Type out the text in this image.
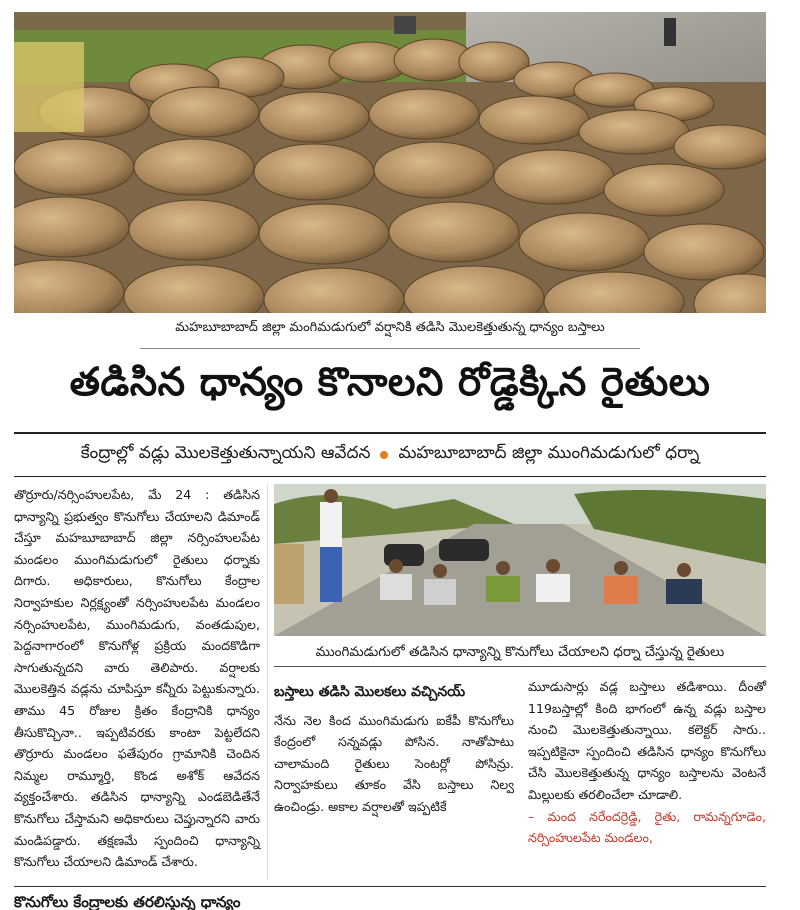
మహబూబాబాద్ జిల్లా మంగిమడుగులో వర్షానికి తడిసి మొలకెత్తుతున్న ధాన్యం బస్తాలు
తడిసిన ధాన్యం కొనాలని రోడ్డెక్కిన రైతులు
కేంద్రాల్లో వడ్లు మొలకెత్తుతున్నాయని ఆవేదన మహబూబాబాద్ జిల్లా ముంగిమడుగులో ధర్నా
తొర్రూరు/నర్సింహులపేట, మే 24 : తడిసిన ధాన్యాన్ని ప్రభుత్వం కొనుగోలు చేయాలని డిమాండ్ చేస్తూ మహబూబాబాద్ జిల్లా నర్సింహులపేట మండలం ముంగిమడుగులో రైతులు ధర్నాకు దిగారు. అధికారులు, కొనుగోలు కేంద్రాల నిర్వాహకుల నిర్లక్ష్యంతో నర్సింహులపేట మండలం నర్సింహులపేట, ముంగిమడుగు, వంతడుపుల, పెద్దనాగారంలో కొనుగోళ్ల ప్రక్రియ మందకొడిగా సాగుతున్నదని వారు తెలిపారు. వర్షాలకు మొలకెత్తిన వడ్లను చూపిస్తూ కన్నీరు పెట్టుకున్నారు. తాము 45 రోజుల క్రితం కేంద్రానికి ధాన్యం తీసుకొచ్చినా.. ఇప్పటివరకు కాంటా పెట్టలేదని తొర్రూరు మండలం ఫతేపురం గ్రామానికి చెందిన నిమ్మల రామ్మూర్తి, కొండ అశోక్ ఆవేదన వ్యక్తంచేశారు. తడిసిన ధాన్యాన్ని ఎండబెడితేనే కొనుగోలు చేస్తామని అధికారులు చెప్తున్నారని వారు మండిపడ్డారు. తక్షణమే స్పందించి ధాన్యాన్ని కొనుగోలు చేయాలని డిమాండ్ చేశారు.
ముంగిమడుగులో తడిసిన ధాన్యాన్ని కొనుగోలు చేయాలని ధర్నా చేస్తున్న రైతులు
బస్తాలు తడిసి మొలకలు వచ్చినయ్
నేను నెల కింద ముంగిమడుగు ఐకేపీ కొనుగోలు కేంద్రంలో సన్నవడ్లు పోసిన. నాతోపాటు చాలామంది రైతులు సెంటర్లో పోసిన్రు. నిర్వాహకులు తూకం వేసి బస్తాలు నిల్వ ఉంచిండ్రు. అకాల వర్షాలతో ఇప్పటికే
మూడుసార్లు వడ్ల బస్తాలు తడిశాయి. దీంతో 119బస్తాల్లో కింది భాగంలో ఉన్న వడ్లు బస్తాల నుంచి మొలకెత్తుతున్నాయి. కలెక్టర్ సారు.. ఇప్పటికైనా స్పందించి తడిసిన ధాన్యం కొనుగోలు చేసి మొలకెత్తుతున్న ధాన్యం బస్తాలను వెంటనే మిల్లులకు తరలించేలా చూడాలి.
– మంద నరేందర్రెడ్డి, రైతు, రామన్నగూడెం, నర్సింహులపేట మండలం,
కొనుగోలు కేంద్రాలకు తరలిస్తున్న ధాన్యం
